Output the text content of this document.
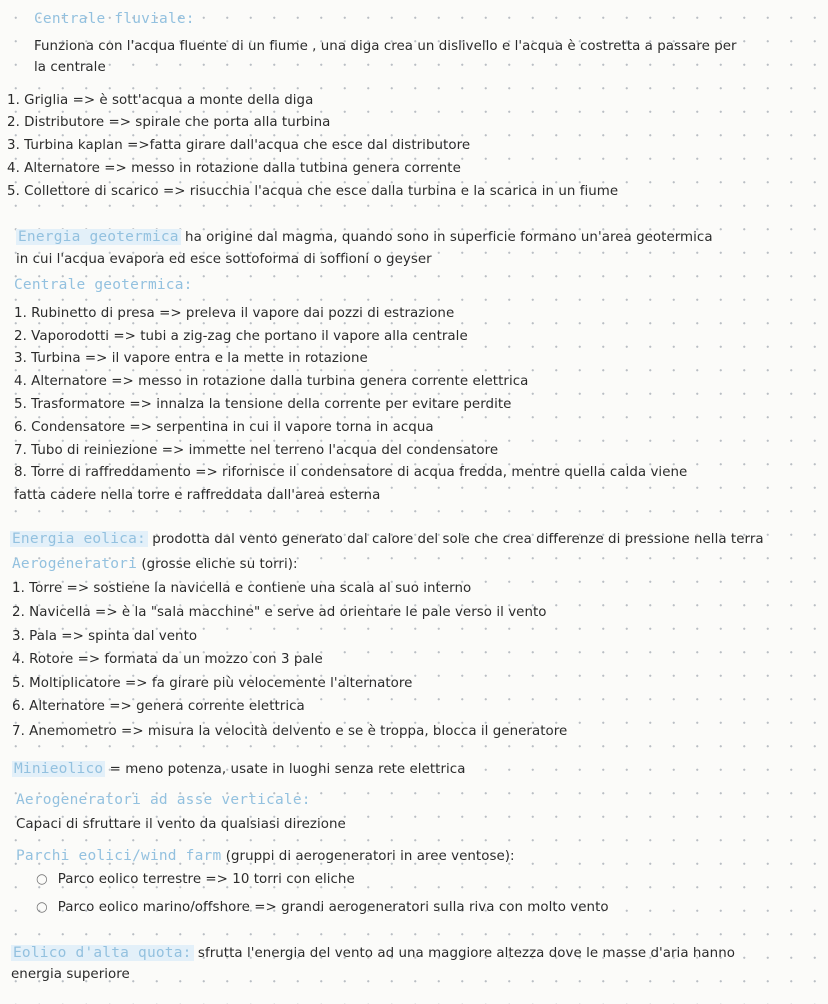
Centrale fluviale:
Funziona con l'acqua fluente di un fiume , una diga crea un dislivello e l'acqua è costretta a passare per
la centrale
1. Griglia => è sott'acqua a monte della diga
2. Distributore => spirale che porta alla turbina
3. Turbina kaplan =>fatta girare dall'acqua che esce dal distributore
4. Alternatore => messo in rotazione dalla tutbina genera corrente
5. Collettore di scarico => risucchia l'acqua che esce dalla turbina e la scarica in un fiume
Energia geotermica ha origine dal magma, quando sono in superficie formano un'area geotermica
in cui l'acqua evapora ed esce sottoforma di soffioni o geyser
Centrale geotermica:
1. Rubinetto di presa => preleva il vapore dai pozzi di estrazione
2. Vaporodotti => tubi a zig-zag che portano il vapore alla centrale
3. Turbina => il vapore entra e la mette in rotazione
4. Alternatore => messo in rotazione dalla turbina genera corrente elettrica
5. Trasformatore => innalza la tensione della corrente per evitare perdite
6. Condensatore => serpentina in cui il vapore torna in acqua
7. Tubo di reiniezione => immette nel terreno l'acqua del condensatore
8. Torre di raffreddamento => rifornisce il condensatore di acqua fredda, mentre quella calda viene
fatta cadere nella torre e raffreddata dall'area esterna
Energia eolica: prodotta dal vento generato dal calore del sole che crea differenze di pressione nella terra
Aerogeneratori (grosse eliche su torri):
1. Torre => sostiene la navicella e contiene una scala al suo interno
2. Navicella => è la "sala macchine" e serve ad orientare le pale verso il vento
3. Pala => spinta dal vento
4. Rotore => formata da un mozzo con 3 pale
5. Moltiplicatore => fa girare più velocemente l'alternatore
6. Alternatore => genera corrente elettrica
7. Anemometro => misura la velocità delvento e se è troppa, blocca il generatore
Minieolico = meno potenza, usate in luoghi senza rete elettrica
Aerogeneratori ad asse verticale:
Capaci di sfruttare il vento da qualsiasi direzione
Parchi eolici/wind farm (gruppi di aerogeneratori in aree ventose):
○ Parco eolico terrestre => 10 torri con eliche
○ Parco eolico marino/offshore => grandi aerogeneratori sulla riva con molto vento
Eolico d'alta quota: sfrutta l'energia del vento ad una maggiore altezza dove le masse d'aria hanno
energia superiore
